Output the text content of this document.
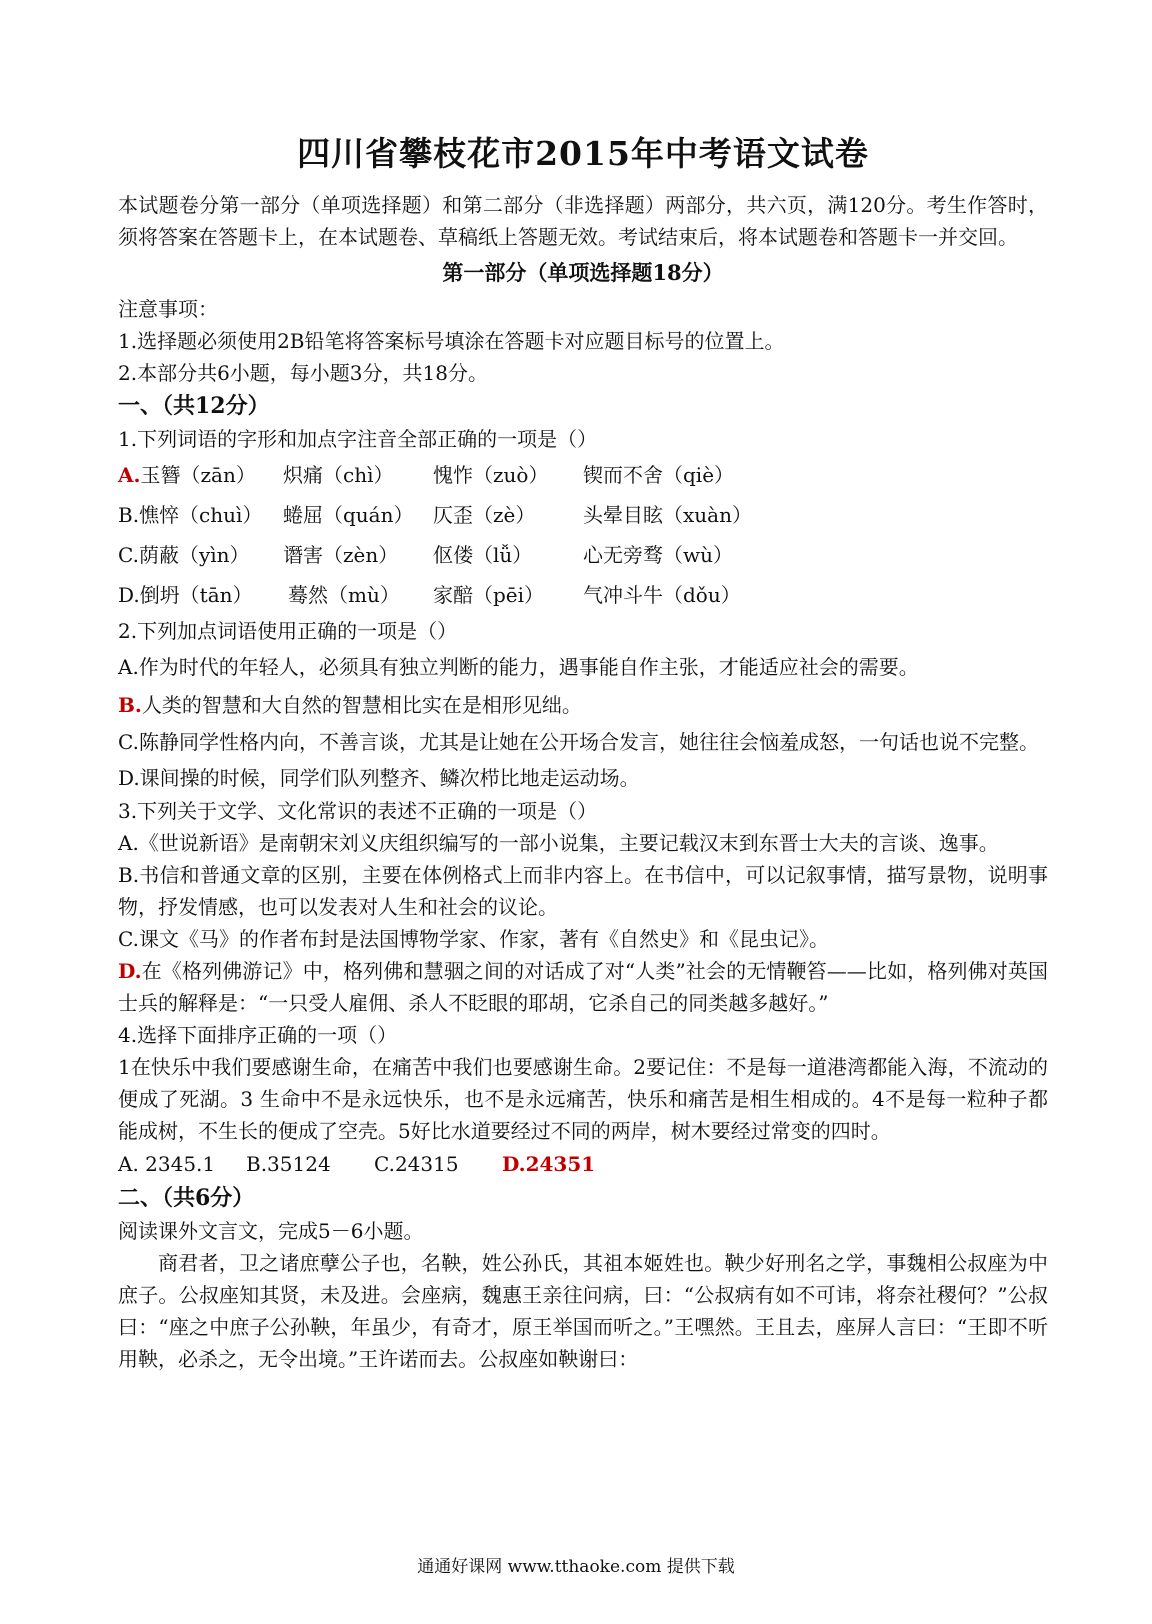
四川省攀枝花市2015年中考语文试卷

本试题卷分第一部分（单项选择题）和第二部分（非选择题）两部分，共六页，满120分。考生作答时，须将答案在答题卡上，在本试题卷、草稿纸上答题无效。考试结束后，将本试题卷和答题卡一并交回。

第一部分（单项选择题18分）

注意事项：

1.选择题必须使用2B铅笔将答案标号填涂在答题卡对应题目标号的位置上。

2.本部分共6小题，每小题3分，共18分。

一、（共12分）

1.下列词语的字形和加点字注音全部正确的一项是（）

A.玉簪（zān）	炽痛（chì）	愧怍（zuò）	锲而不舍（qiè）
B.憔悴（chuì）	蜷屈（quán） 仄歪（zè）	头晕目眩（xuàn）
C.荫蔽（yìn）	谮害（zèn）	伛偻（lǚ）	心无旁骛（wù）
D.倒坍（tān）	蓦然（mù）	家醅（pēi）	气冲斗牛（dǒu）

2.下列加点词语使用正确的一项是（）

A.作为时代的年轻人，必须具有独立判断的能力，遇事能自作主张，才能适应社会的需要。

B.人类的智慧和大自然的智慧相比实在是相形见绌。

C.陈静同学性格内向，不善言谈，尤其是让她在公开场合发言，她往往会恼羞成怒，一句话也说不完整。

D.课间操的时候，同学们队列整齐、鳞次栉比地走运动场。

3.下列关于文学、文化常识的表述不正确的一项是（）

A.《世说新语》是南朝宋刘义庆组织编写的一部小说集，主要记载汉末到东晋士大夫的言谈、逸事。

B.书信和普通文章的区别，主要在体例格式上而非内容上。在书信中，可以记叙事情，描写景物，说明事物，抒发情感，也可以发表对人生和社会的议论。

C.课文《马》的作者布封是法国博物学家、作家，著有《自然史》和《昆虫记》。

D.在《格列佛游记》中，格列佛和慧骃之间的对话成了对“人类”社会的无情鞭笞——比如，格列佛对英国士兵的解释是：“一只受人雇佣、杀人不眨眼的耶胡，它杀自己的同类越多越好。”

4.选择下面排序正确的一项（）

1在快乐中我们要感谢生命，在痛苦中我们也要感谢生命。2要记住：不是每一道港湾都能入海，不流动的便成了死湖。3 生命中不是永远快乐，也不是永远痛苦，快乐和痛苦是相生相成的。4不是每一粒种子都能成树，不生长的便成了空壳。5好比水道要经过不同的两岸，树木要经过常变的四时。

A. 2345.1	B.35124	C.24315	D.24351
二、（共6分）

阅读课外文言文，完成5－6小题。

商君者，卫之诸庶孽公子也，名鞅，姓公孙氏，其祖本姬姓也。鞅少好刑名之学，事魏相公叔座为中庶子。公叔座知其贤，未及进。会座病，魏惠王亲往问病，曰：“公叔病有如不可讳，将奈社稷何？”公叔曰：“座之中庶子公孙鞅，年虽少，有奇才，原王举国而听之。”王嘿然。王且去，座屏人言曰：“王即不听用鞅，必杀之，无令出境。”王许诺而去。公叔座如鞅谢曰：

通通好课网 www.tthaoke.com 提供下载
